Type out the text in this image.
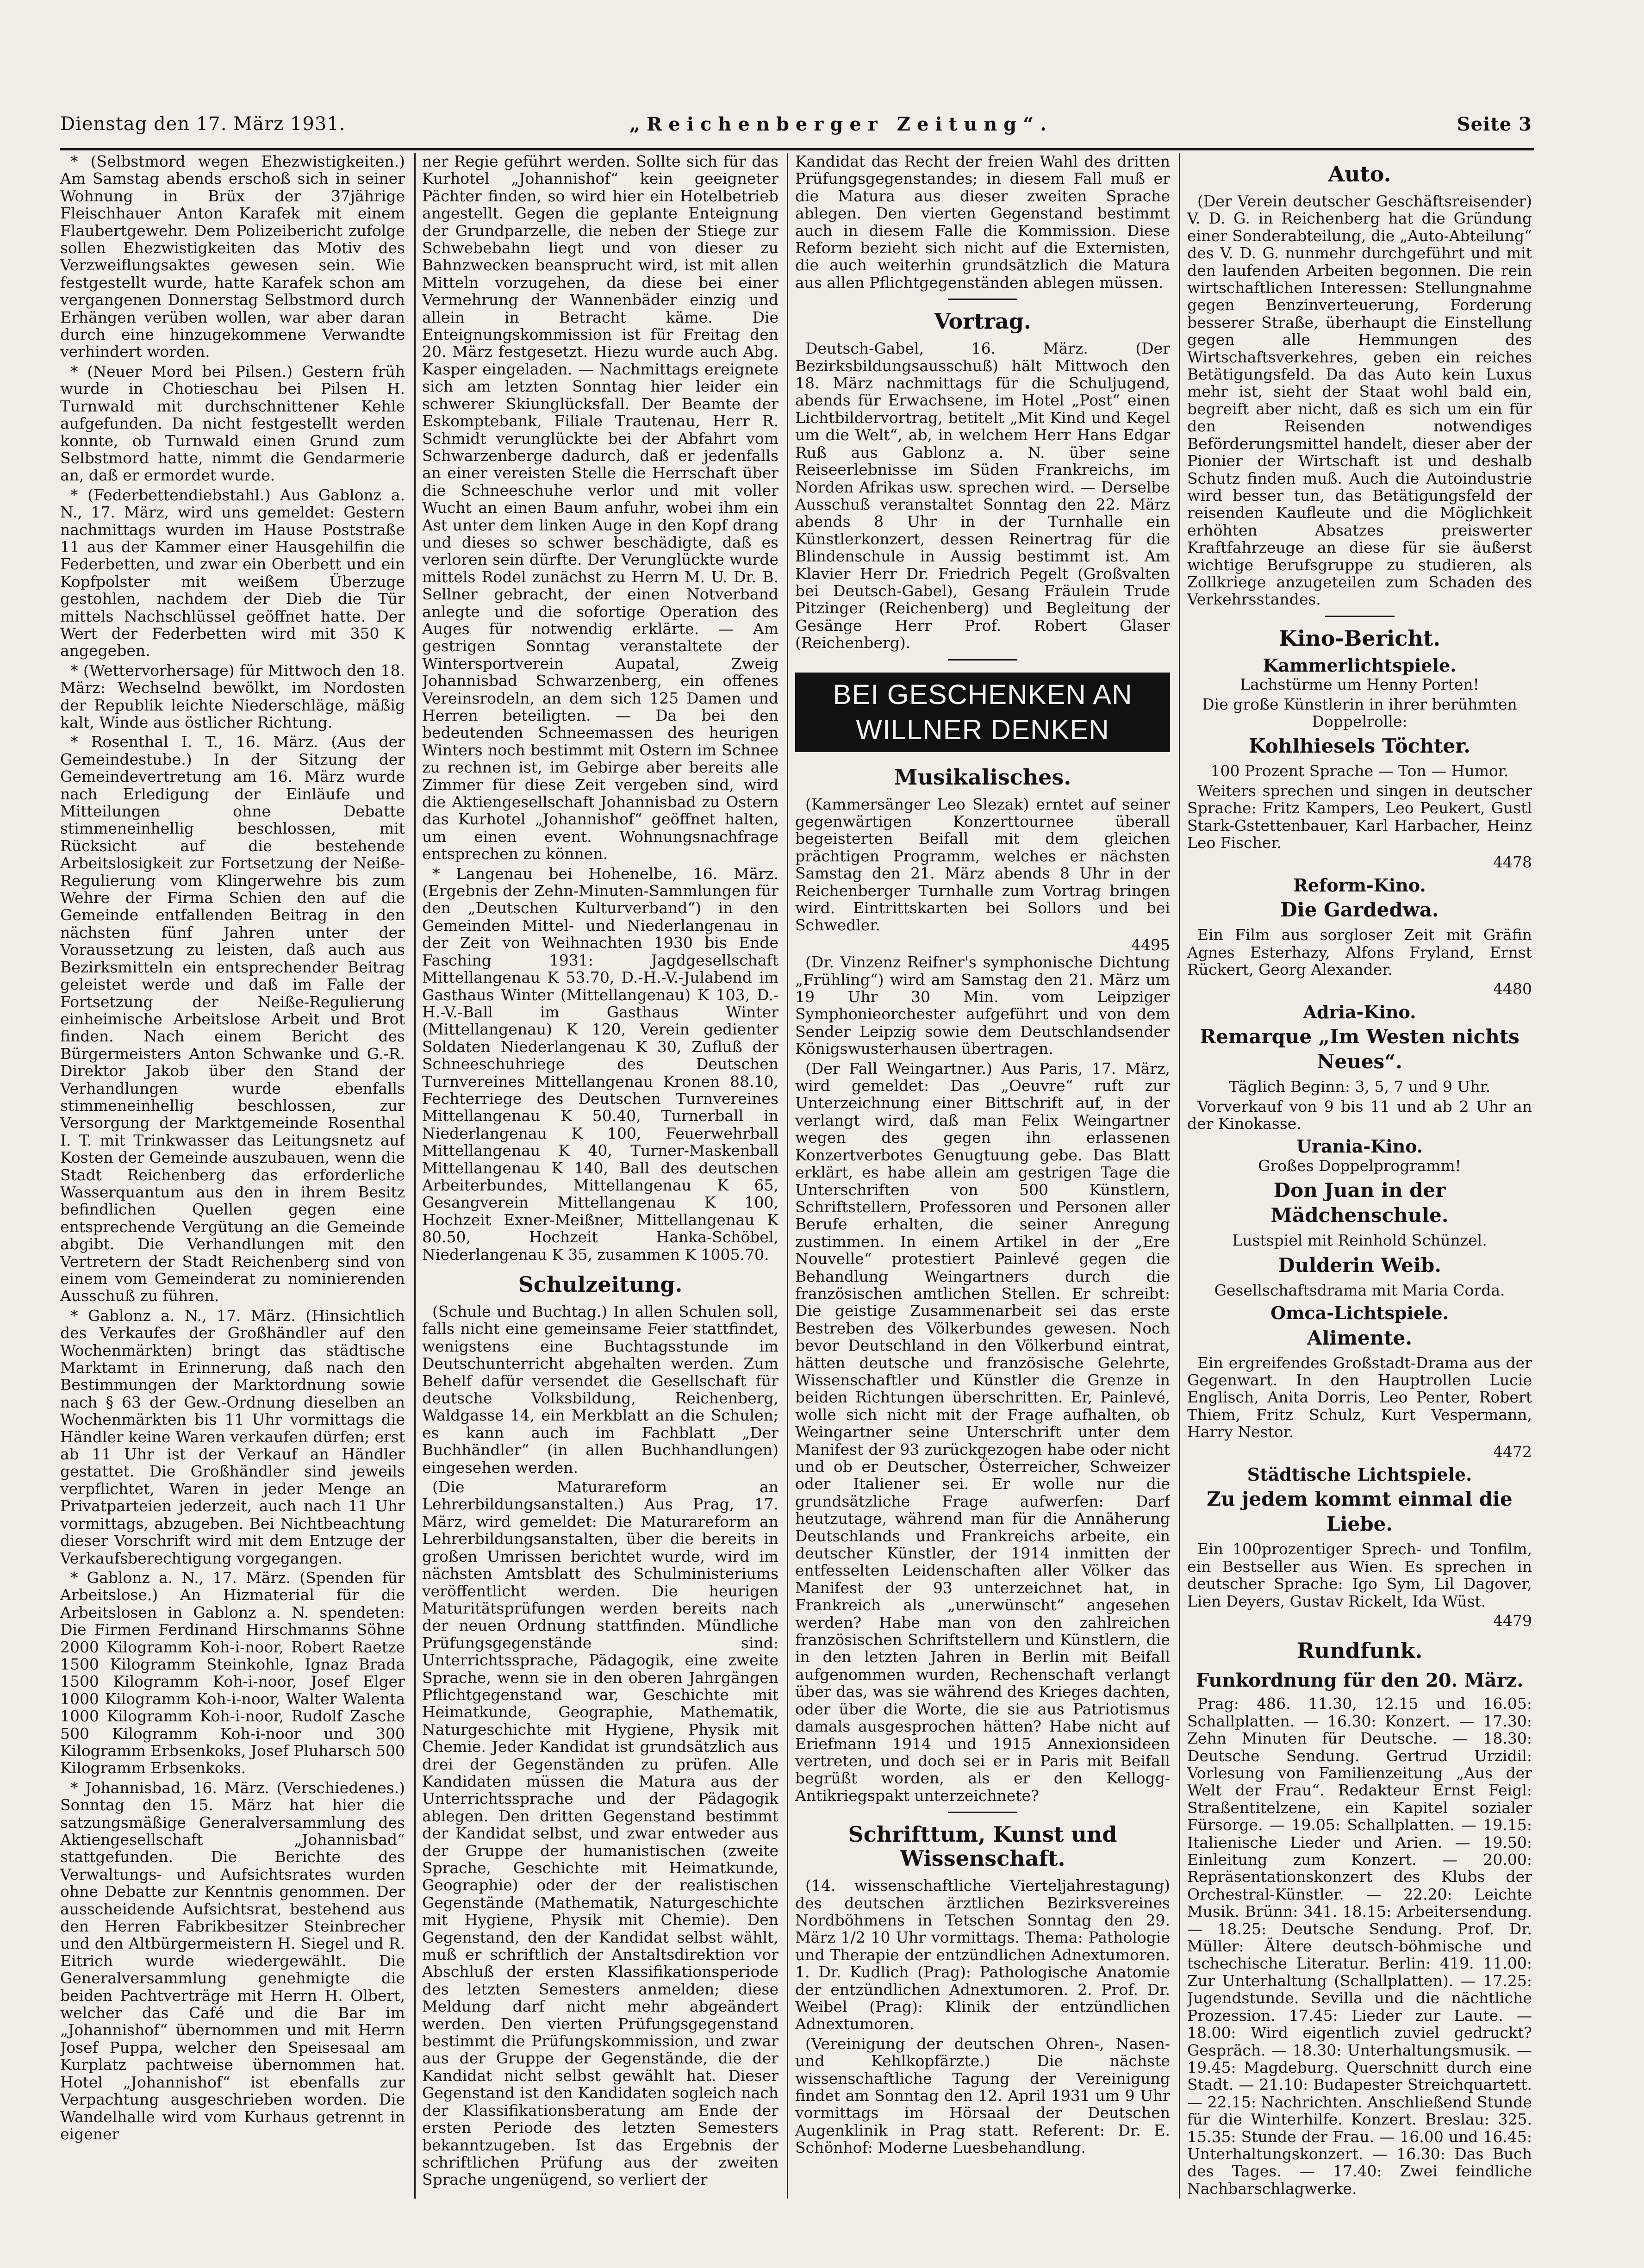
Dienstag den 17. März 1931.	„Reichenberger Zeitung“.	Seite 3

* (Selbstmord wegen Ehezwistigkeiten.) Am Samstag abends erschoß sich in seiner Wohnung in Brüx der 37jährige Fleischhauer Anton Karafek mit einem Flaubertgewehr. Dem Polizeibericht zufolge sollen Ehezwistigkeiten das Motiv des Verzweiflungsaktes gewesen sein. Wie festgestellt wurde, hatte Karafek schon am vergangenen Donnerstag Selbstmord durch Erhängen verüben wollen, war aber daran durch eine hinzugekommene Verwandte verhindert worden.

* (Neuer Mord bei Pilsen.) Gestern früh wurde in Chotieschau bei Pilsen H. Turnwald mit durchschnittener Kehle aufgefunden. Da nicht festgestellt werden konnte, ob Turnwald einen Grund zum Selbstmord hatte, nimmt die Gendarmerie an, daß er ermordet wurde.

* (Federbettendiebstahl.) Aus Gablonz a. N., 17. März, wird uns gemeldet: Gestern nachmittags wurden im Hause Poststraße 11 aus der Kammer einer Hausgehilfin die Federbetten, und zwar ein Oberbett und ein Kopfpolster mit weißem Überzuge gestohlen, nachdem der Dieb die Tür mittels Nachschlüssel geöffnet hatte. Der Wert der Federbetten wird mit 350 K angegeben.

* (Wettervorhersage) für Mittwoch den 18. März: Wechselnd bewölkt, im Nordosten der Republik leichte Niederschläge, mäßig kalt, Winde aus östlicher Richtung.

* Rosenthal I. T., 16. März. (Aus der Gemeindestube.) In der Sitzung der Gemeindevertretung am 16. März wurde nach Erledigung der Einläufe und Mitteilungen ohne Debatte stimmeneinhellig beschlossen, mit Rücksicht auf die bestehende Arbeitslosigkeit zur Fortsetzung der Neiße-Regulierung vom Klingerwehre bis zum Wehre der Firma Schien den auf die Gemeinde entfallenden Beitrag in den nächsten fünf Jahren unter der Voraussetzung zu leisten, daß auch aus Bezirksmitteln ein entsprechender Beitrag geleistet werde und daß im Falle der Fortsetzung der Neiße-Regulierung einheimische Arbeitslose Arbeit und Brot finden. Nach einem Bericht des Bürgermeisters Anton Schwanke und G.-R. Direktor Jakob über den Stand der Verhandlungen wurde ebenfalls stimmeneinhellig beschlossen, zur Versorgung der Marktgemeinde Rosenthal I. T. mit Trinkwasser das Leitungsnetz auf Kosten der Gemeinde auszubauen, wenn die Stadt Reichenberg das erforderliche Wasserquantum aus den in ihrem Besitz befindlichen Quellen gegen eine entsprechende Vergütung an die Gemeinde abgibt. Die Verhandlungen mit den Vertretern der Stadt Reichenberg sind von einem vom Gemeinderat zu nominierenden Ausschuß zu führen.

* Gablonz a. N., 17. März. (Hinsichtlich des Verkaufes der Großhändler auf den Wochenmärkten) bringt das städtische Marktamt in Erinnerung, daß nach den Bestimmungen der Marktordnung sowie nach § 63 der Gew.-Ordnung dieselben an Wochenmärkten bis 11 Uhr vormittags die Händler keine Waren verkaufen dürfen; erst ab 11 Uhr ist der Verkauf an Händler gestattet. Die Großhändler sind jeweils verpflichtet, Waren in jeder Menge an Privatparteien jederzeit, auch nach 11 Uhr vormittags, abzugeben. Bei Nichtbeachtung dieser Vorschrift wird mit dem Entzuge der Verkaufsberechtigung vorgegangen.

* Gablonz a. N., 17. März. (Spenden für Arbeitslose.) An Hizmaterial für die Arbeitslosen in Gablonz a. N. spendeten: Die Firmen Ferdinand Hirschmanns Söhne 2000 Kilogramm Koh-i-noor, Robert Raetze 1500 Kilogramm Steinkohle, Ignaz Brada 1500 Kilogramm Koh-i-noor, Josef Elger 1000 Kilogramm Koh-i-noor, Walter Walenta 1000 Kilogramm Koh-i-noor, Rudolf Zasche 500 Kilogramm Koh-i-noor und 300 Kilogramm Erbsenkoks, Josef Pluharsch 500 Kilogramm Erbsenkoks.

* Johannisbad, 16. März. (Verschiedenes.) Sonntag den 15. März hat hier die satzungsmäßige Generalversammlung des Aktiengesellschaft „Johannisbad“ stattgefunden. Die Berichte des Verwaltungs- und Aufsichtsrates wurden ohne Debatte zur Kenntnis genommen. Der ausscheidende Aufsichtsrat, bestehend aus den Herren Fabrikbesitzer Steinbrecher und den Altbürgermeistern H. Siegel und R. Eitrich wurde wiedergewählt. Die Generalversammlung genehmigte die beiden Pachtverträge mit Herrn H. Olbert, welcher das Café und die Bar im „Johannishof“ übernommen und mit Herrn Josef Puppa, welcher den Speisesaal am Kurplatz pachtweise übernommen hat. Hotel „Johannishof“ ist ebenfalls zur Verpachtung ausgeschrieben worden. Die Wandelhalle wird vom Kurhaus getrennt in eigener

ner Regie geführt werden. Sollte sich für das Kurhotel „Johannishof“ kein geeigneter Pächter finden, so wird hier ein Hotelbetrieb angestellt. Gegen die geplante Enteignung der Grundparzelle, die neben der Stiege zur Schwebebahn liegt und von dieser zu Bahnzwecken beansprucht wird, ist mit allen Mitteln vorzugehen, da diese bei einer Vermehrung der Wannenbäder einzig und allein in Betracht käme. Die Enteignungskommission ist für Freitag den 20. März festgesetzt. Hiezu wurde auch Abg. Kasper eingeladen. — Nachmittags ereignete sich am letzten Sonntag hier leider ein schwerer Skiunglücksfall. Der Beamte der Eskomptebank, Filiale Trautenau, Herr R. Schmidt verunglückte bei der Abfahrt vom Schwarzenberge dadurch, daß er jedenfalls an einer vereisten Stelle die Herrschaft über die Schneeschuhe verlor und mit voller Wucht an einen Baum anfuhr, wobei ihm ein Ast unter dem linken Auge in den Kopf drang und dieses so schwer beschädigte, daß es verloren sein dürfte. Der Verunglückte wurde mittels Rodel zunächst zu Herrn M. U. Dr. B. Sellner gebracht, der einen Notverband anlegte und die sofortige Operation des Auges für notwendig erklärte. — Am gestrigen Sonntag veranstaltete der Wintersportverein Aupatal, Zweig Johannisbad Schwarzenberg, ein offenes Vereinsrodeln, an dem sich 125 Damen und Herren beteiligten. — Da bei den bedeutenden Schneemassen des heurigen Winters noch bestimmt mit Ostern im Schnee zu rechnen ist, im Gebirge aber bereits alle Zimmer für diese Zeit vergeben sind, wird die Aktiengesellschaft Johannisbad zu Ostern das Kurhotel „Johannishof“ geöffnet halten, um einen event. Wohnungsnachfrage entsprechen zu können.

* Langenau bei Hohenelbe, 16. März. (Ergebnis der Zehn-Minuten-Sammlungen für den „Deutschen Kulturverband“) in den Gemeinden Mittel- und Niederlangenau in der Zeit von Weihnachten 1930 bis Ende Fasching 1931: Jagdgesellschaft Mittellangenau K 53.70, D.-H.-V.-Julabend im Gasthaus Winter (Mittellangenau) K 103, D.-H.-V.-Ball im Gasthaus Winter (Mittellangenau) K 120, Verein gedienter Soldaten Niederlangenau K 30, Zufluß der Schneeschuhriege des Deutschen Turnvereines Mittellangenau Kronen 88.10, Fechterriege des Deutschen Turnvereines Mittellangenau K 50.40, Turnerball in Niederlangenau K 100, Feuerwehrball Mittellangenau K 40, Turner-Maskenball Mittellangenau K 140, Ball des deutschen Arbeiterbundes, Mittellangenau K 65, Gesangverein Mittellangenau K 100, Hochzeit Exner-Meißner, Mittellangenau K 80.50, Hochzeit Hanka-Schöbel, Niederlangenau K 35, zusammen K 1005.70.

Schulzeitung.

(Schule und Buchtag.) In allen Schulen soll, falls nicht eine gemeinsame Feier stattfindet, wenigstens eine Buchtagsstunde im Deutschunterricht abgehalten werden. Zum Behelf dafür versendet die Gesellschaft für deutsche Volksbildung, Reichenberg, Waldgasse 14, ein Merkblatt an die Schulen; es kann auch im Fachblatt „Der Buchhändler“ (in allen Buchhandlungen) eingesehen werden.

(Die Maturareform an Lehrerbildungsanstalten.) Aus Prag, 17. März, wird gemeldet: Die Maturareform an Lehrerbildungsanstalten, über die bereits in großen Umrissen berichtet wurde, wird im nächsten Amtsblatt des Schulministeriums veröffentlicht werden. Die heurigen Maturitätsprüfungen werden bereits nach der neuen Ordnung stattfinden. Mündliche Prüfungsgegenstände sind: Unterrichtssprache, Pädagogik, eine zweite Sprache, wenn sie in den oberen Jahrgängen Pflichtgegenstand war, Geschichte mit Heimatkunde, Geographie, Mathematik, Naturgeschichte mit Hygiene, Physik mit Chemie. Jeder Kandidat ist grundsätzlich aus drei der Gegenständen zu prüfen. Alle Kandidaten müssen die Matura aus der Unterrichtssprache und der Pädagogik ablegen. Den dritten Gegenstand bestimmt der Kandidat selbst, und zwar entweder aus der Gruppe der humanistischen (zweite Sprache, Geschichte mit Heimatkunde, Geographie) oder der der realistischen Gegenstände (Mathematik, Naturgeschichte mit Hygiene, Physik mit Chemie). Den Gegenstand, den der Kandidat selbst wählt, muß er schriftlich der Anstaltsdirektion vor Abschluß der ersten Klassifikationsperiode des letzten Semesters anmelden; diese Meldung darf nicht mehr abgeändert werden. Den vierten Prüfungsgegenstand bestimmt die Prüfungskommission, und zwar aus der Gruppe der Gegenstände, die der Kandidat nicht selbst gewählt hat. Dieser Gegenstand ist den Kandidaten sogleich nach der Klassifikationsberatung am Ende der ersten Periode des letzten Semesters bekanntzugeben. Ist das Ergebnis der schriftlichen Prüfung aus der zweiten Sprache ungenügend, so verliert der

Kandidat das Recht der freien Wahl des dritten Prüfungsgegenstandes; in diesem Fall muß er die Matura aus dieser zweiten Sprache ablegen. Den vierten Gegenstand bestimmt auch in diesem Falle die Kommission. Diese Reform bezieht sich nicht auf die Externisten, die auch weiterhin grundsätzlich die Matura aus allen Pflichtgegenständen ablegen müssen.

Vortrag.

Deutsch-Gabel, 16. März. (Der Bezirksbildungsausschuß) hält Mittwoch den 18. März nachmittags für die Schuljugend, abends für Erwachsene, im Hotel „Post“ einen Lichtbildervortrag, betitelt „Mit Kind und Kegel um die Welt“, ab, in welchem Herr Hans Edgar Ruß aus Gablonz a. N. über seine Reiseerlebnisse im Süden Frankreichs, im Norden Afrikas usw. sprechen wird. — Derselbe Ausschuß veranstaltet Sonntag den 22. März abends 8 Uhr in der Turnhalle ein Künstlerkonzert, dessen Reinertrag für die Blindenschule in Aussig bestimmt ist. Am Klavier Herr Dr. Friedrich Pegelt (Großvalten bei Deutsch-Gabel), Gesang Fräulein Trude Pitzinger (Reichenberg) und Begleitung der Gesänge Herr Prof. Robert Glaser (Reichenberg).

BEI GESCHENKEN AN WILLNER DENKEN
Musikalisches.

(Kammersänger Leo Slezak) erntet auf seiner gegenwärtigen Konzerttournee überall begeisterten Beifall mit dem gleichen prächtigen Programm, welches er nächsten Samstag den 21. März abends 8 Uhr in der Reichenberger Turnhalle zum Vortrag bringen wird. Eintrittskarten bei Sollors und bei Schwedler.

4495

(Dr. Vinzenz Reifner's symphonische Dichtung „Frühling“) wird am Samstag den 21. März um 19 Uhr 30 Min. vom Leipziger Symphonieorchester aufgeführt und von dem Sender Leipzig sowie dem Deutschlandsender Königswusterhausen übertragen.

(Der Fall Weingartner.) Aus Paris, 17. März, wird gemeldet: Das „Oeuvre“ ruft zur Unterzeichnung einer Bittschrift auf, in der verlangt wird, daß man Felix Weingartner wegen des gegen ihn erlassenen Konzertverbotes Genugtuung gebe. Das Blatt erklärt, es habe allein am gestrigen Tage die Unterschriften von 500 Künstlern, Schriftstellern, Professoren und Personen aller Berufe erhalten, die seiner Anregung zustimmen. In einem Artikel in der „Ere Nouvelle“ protestiert Painlevé gegen die Behandlung Weingartners durch die französischen amtlichen Stellen. Er schreibt: Die geistige Zusammenarbeit sei das erste Bestreben des Völkerbundes gewesen. Noch bevor Deutschland in den Völkerbund eintrat, hätten deutsche und französische Gelehrte, Wissenschaftler und Künstler die Grenze in beiden Richtungen überschritten. Er, Painlevé, wolle sich nicht mit der Frage aufhalten, ob Weingartner seine Unterschrift unter dem Manifest der 93 zurückgezogen habe oder nicht und ob er Deutscher, Österreicher, Schweizer oder Italiener sei. Er wolle nur die grundsätzliche Frage aufwerfen: Darf heutzutage, während man für die Annäherung Deutschlands und Frankreichs arbeite, ein deutscher Künstler, der 1914 inmitten der entfesselten Leidenschaften aller Völker das Manifest der 93 unterzeichnet hat, in Frankreich als „unerwünscht“ angesehen werden? Habe man von den zahlreichen französischen Schriftstellern und Künstlern, die in den letzten Jahren in Berlin mit Beifall aufgenommen wurden, Rechenschaft verlangt über das, was sie während des Krieges dachten, oder über die Worte, die sie aus Patriotismus damals ausgesprochen hätten? Habe nicht auf Eriefmann 1914 und 1915 Annexionsideen vertreten, und doch sei er in Paris mit Beifall begrüßt worden, als er den Kellogg-Antikriegspakt unterzeichnete?

Schrifttum, Kunst und Wissenschaft.

(14. wissenschaftliche Vierteljahrestagung) des deutschen ärztlichen Bezirksvereines Nordböhmens in Tetschen Sonntag den 29. März 1/2 10 Uhr vormittags. Thema: Pathologie und Therapie der entzündlichen Adnextumoren. 1. Dr. Kudlich (Prag): Pathologische Anatomie der entzündlichen Adnextumoren. 2. Prof. Dr. Weibel (Prag): Klinik der entzündlichen Adnextumoren.

(Vereinigung der deutschen Ohren-, Nasen- und Kehlkopfärzte.) Die nächste wissenschaftliche Tagung der Vereinigung findet am Sonntag den 12. April 1931 um 9 Uhr vormittags im Hörsaal der Deutschen Augenklinik in Prag statt. Referent: Dr. E. Schönhof: Moderne Luesbehandlung.

Auto.

(Der Verein deutscher Geschäftsreisender) V. D. G. in Reichenberg hat die Gründung einer Sonderabteilung, die „Auto-Abteilung“ des V. D. G. nunmehr durchgeführt und mit den laufenden Arbeiten begonnen. Die rein wirtschaftlichen Interessen: Stellungnahme gegen Benzinverteuerung, Forderung besserer Straße, überhaupt die Einstellung gegen alle Hemmungen des Wirtschaftsverkehres, geben ein reiches Betätigungsfeld. Da das Auto kein Luxus mehr ist, sieht der Staat wohl bald ein, begreift aber nicht, daß es sich um ein für den Reisenden notwendiges Beförderungsmittel handelt, dieser aber der Pionier der Wirtschaft ist und deshalb Schutz finden muß. Auch die Autoindustrie wird besser tun, das Betätigungsfeld der reisenden Kaufleute und die Möglichkeit erhöhten Absatzes preiswerter Kraftfahrzeuge an diese für sie äußerst wichtige Berufsgruppe zu studieren, als Zollkriege anzugeteilen zum Schaden des Verkehrsstandes.

Kino-Bericht.
Kammerlichtspiele.

Lachstürme um Henny Porten!

Die große Künstlerin in ihrer berühmten Doppelrolle:

Kohlhiesels Töchter.

100 Prozent Sprache — Ton — Humor.

Weiters sprechen und singen in deutscher Sprache: Fritz Kampers, Leo Peukert, Gustl Stark-Gstettenbauer, Karl Harbacher, Heinz Leo Fischer.

4478
Reform-Kino.

Die Gardedwa.

Ein Film aus sorgloser Zeit mit Gräfin Agnes Esterhazy, Alfons Fryland, Ernst Rückert, Georg Alexander.

4480
Adria-Kino.

Remarque „Im Westen nichts Neues“.

Täglich Beginn: 3, 5, 7 und 9 Uhr.

Vorverkauf von 9 bis 11 und ab 2 Uhr an der Kinokasse.

Urania-Kino.

Großes Doppelprogramm!

Don Juan in der Mädchenschule.

Lustspiel mit Reinhold Schünzel.

Dulderin Weib.

Gesellschaftsdrama mit Maria Corda.

Omca-Lichtspiele.

Alimente.

Ein ergreifendes Großstadt-Drama aus der Gegenwart. In den Hauptrollen Lucie Englisch, Anita Dorris, Leo Penter, Robert Thiem, Fritz Schulz, Kurt Vespermann, Harry Nestor.

4472
Städtische Lichtspiele.

Zu jedem kommt einmal die Liebe.

Ein 100prozentiger Sprech- und Tonfilm, ein Bestseller aus Wien. Es sprechen in deutscher Sprache: Igo Sym, Lil Dagover, Lien Deyers, Gustav Rickelt, Ida Wüst.

4479
Rundfunk.
Funkordnung für den 20. März.

Prag: 486. 11.30, 12.15 und 16.05: Schallplatten. — 16.30: Konzert. — 17.30: Zehn Minuten für Deutsche. — 18.30: Deutsche Sendung. Gertrud Urzidil: Vorlesung von Familienzeitung „Aus der Welt der Frau“. Redakteur Ernst Feigl: Straßentitelzene, ein Kapitel sozialer Fürsorge. — 19.05: Schallplatten. — 19.15: Italienische Lieder und Arien. — 19.50: Einleitung zum Konzert. — 20.00: Repräsentationskonzert des Klubs der Orchestral-Künstler. — 22.20: Leichte Musik. Brünn: 341. 18.15: Arbeitersendung. — 18.25: Deutsche Sendung. Prof. Dr. Müller: Ältere deutsch-böhmische und tschechische Literatur. Berlin: 419. 11.00: Zur Unterhaltung (Schallplatten). — 17.25: Jugendstunde. Sevilla und die nächtliche Prozession. 17.45: Lieder zur Laute. — 18.00: Wird eigentlich zuviel gedruckt? Gespräch. — 18.30: Unterhaltungsmusik. — 19.45: Magdeburg. Querschnitt durch eine Stadt. — 21.10: Budapester Streichquartett. — 22.15: Nachrichten. Anschließend Stunde für die Winterhilfe. Konzert. Breslau: 325. 15.35: Stunde der Frau. — 16.00 und 16.45: Unterhaltungskonzert. — 16.30: Das Buch des Tages. — 17.40: Zwei feindliche Nachbarschlagwerke.
